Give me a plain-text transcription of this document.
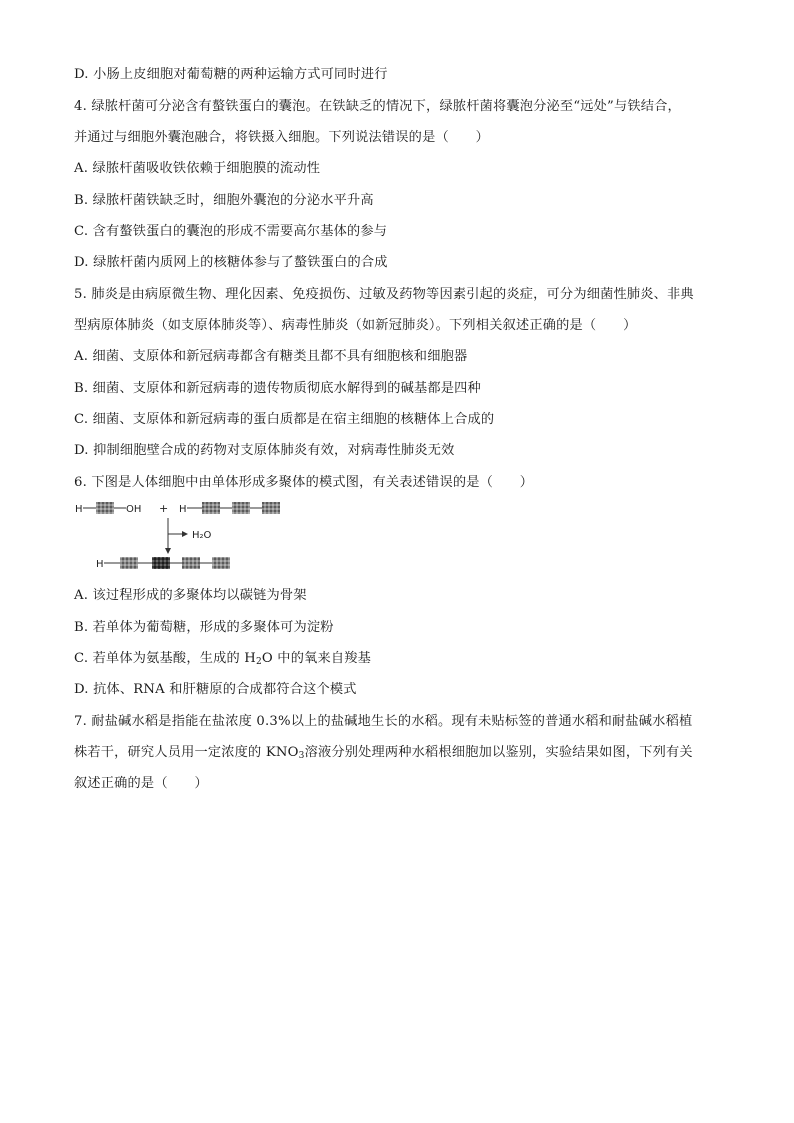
D. 小肠上皮细胞对葡萄糖的两种运输方式可同时进行
4. 绿脓杆菌可分泌含有螯铁蛋白的囊泡。在铁缺乏的情况下，绿脓杆菌将囊泡分泌至“远处”与铁结合，
并通过与细胞外囊泡融合，将铁摄入细胞。下列说法错误的是（　　）
A. 绿脓杆菌吸收铁依赖于细胞膜的流动性
B. 绿脓杆菌铁缺乏时，细胞外囊泡的分泌水平升高
C. 含有螯铁蛋白的囊泡的形成不需要高尔基体的参与
D. 绿脓杆菌内质网上的核糖体参与了螯铁蛋白的合成
5. 肺炎是由病原微生物、理化因素、免疫损伤、过敏及药物等因素引起的炎症，可分为细菌性肺炎、非典
型病原体肺炎（如支原体肺炎等）、病毒性肺炎（如新冠肺炎）。下列相关叙述正确的是（　　）
A. 细菌、支原体和新冠病毒都含有糖类且都不具有细胞核和细胞器
B. 细菌、支原体和新冠病毒的遗传物质彻底水解得到的碱基都是四种
C. 细菌、支原体和新冠病毒的蛋白质都是在宿主细胞的核糖体上合成的
D. 抑制细胞壁合成的药物对支原体肺炎有效，对病毒性肺炎无效
6. 下图是人体细胞中由单体形成多聚体的模式图，有关表述错误的是（　　）
H	OH + H
H₂O
H
A. 该过程形成的多聚体均以碳链为骨架
B. 若单体为葡萄糖，形成的多聚体可为淀粉
C. 若单体为氨基酸，生成的 $H_2O$ 中的氧来自羧基
D. 抗体、RNA 和肝糖原的合成都符合这个模式
7. 耐盐碱水稻是指能在盐浓度 0.3%以上的盐碱地生长的水稻。现有未贴标签的普通水稻和耐盐碱水稻植
株若干，研究人员用一定浓度的 $KNO_3$溶液分别处理两种水稻根细胞加以鉴别，实验结果如图，下列有关
叙述正确的是（　　）
